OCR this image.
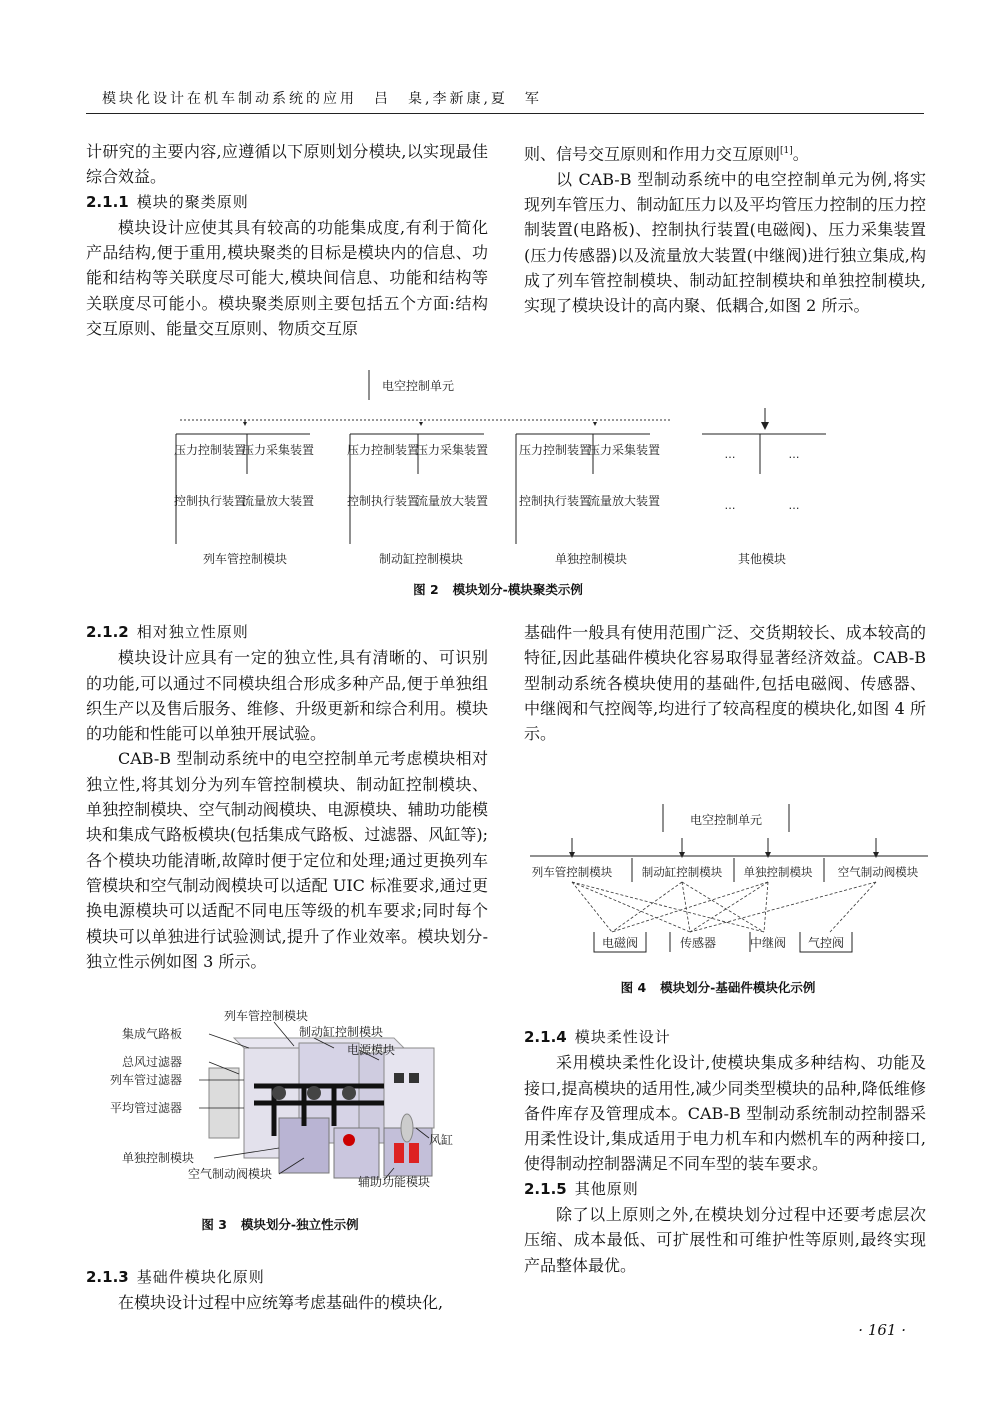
模块化设计在机车制动系统的应用　吕　臬,李新康,夏　军

计研究的主要内容,应遵循以下原则划分模块,以实现最佳综合效益。

2.1.1 模块的聚类原则

模块设计应使其具有较高的功能集成度,有利于简化产品结构,便于重用,模块聚类的目标是模块内的信息、功能和结构等关联度尽可能大,模块间信息、功能和结构等关联度尽可能小。模块聚类原则主要包括五个方面:结构交互原则、能量交互原则、物质交互原

则、信号交互原则和作用力交互原则[1]。

以 CAB-B 型制动系统中的电空控制单元为例,将实现列车管压力、制动缸压力以及平均管压力控制的压力控制装置(电路板)、控制执行装置(电磁阀)、压力采集装置(压力传感器)以及流量放大装置(中继阀)进行独立集成,构成了列车管控制模块、制动缸控制模块和单独控制模块,实现了模块设计的高内聚、低耦合,如图 2 所示。

电空控制单元
压力控制装置
压力采集装置
控制执行装置
流量放大装置
列车管控制模块
压力控制装置
压力采集装置
控制执行装置
流量放大装置
制动缸控制模块
压力控制装置
压力采集装置
控制执行装置
流量放大装置
单独控制模块
…	…
…	…
其他模块
图 2 模块划分-模块聚类示例
2.1.2 相对独立性原则

模块设计应具有一定的独立性,具有清晰的、可识别的功能,可以通过不同模块组合形成多种产品,便于单独组织生产以及售后服务、维修、升级更新和综合利用。模块的功能和性能可以单独开展试验。

CAB-B 型制动系统中的电空控制单元考虑模块相对独立性,将其划分为列车管控制模块、制动缸控制模块、单独控制模块、空气制动阀模块、电源模块、辅助功能模块和集成气路板模块(包括集成气路板、过滤器、风缸等);各个模块功能清晰,故障时便于定位和处理;通过更换列车管模块和空气制动阀模块可以适配 UIC 标准要求,通过更换电源模块可以适配不同电压等级的机车要求;同时每个模块可以单独进行试验测试,提升了作业效率。模块划分-独立性示例如图 3 所示。

基础件一般具有使用范围广泛、交货期较长、成本较高的特征,因此基础件模块化容易取得显著经济效益。CAB-B 型制动系统各模块使用的基础件,包括电磁阀、传感器、中继阀和气控阀等,均进行了较高程度的模块化,如图 4 所示。

集成气路板
列车管控制模块
制动缸控制模块
电源模块
总风过滤器
列车管过滤器
平均管过滤器
风缸
单独控制模块
空气制动阀模块
辅助功能模块
图 3 模块划分-独立性示例
2.1.3 基础件模块化原则

在模块设计过程中应统筹考虑基础件的模块化,

电空控制单元
列车管控制模块	制动缸控制模块 单独控制模块 空气制动阀模块
电磁阀	传感器	中继阀 气控阀
图 4 模块划分-基础件模块化示例
2.1.4 模块柔性设计

采用模块柔性化设计,使模块集成多种结构、功能及接口,提高模块的适用性,减少同类型模块的品种,降低维修备件库存及管理成本。CAB-B 型制动系统制动控制器采用柔性设计,集成适用于电力机车和内燃机车的两种接口,使得制动控制器满足不同车型的装车要求。

2.1.5 其他原则

除了以上原则之外,在模块划分过程中还要考虑层次压缩、成本最低、可扩展性和可维护性等原则,最终实现产品整体最优。

· 161 ·
